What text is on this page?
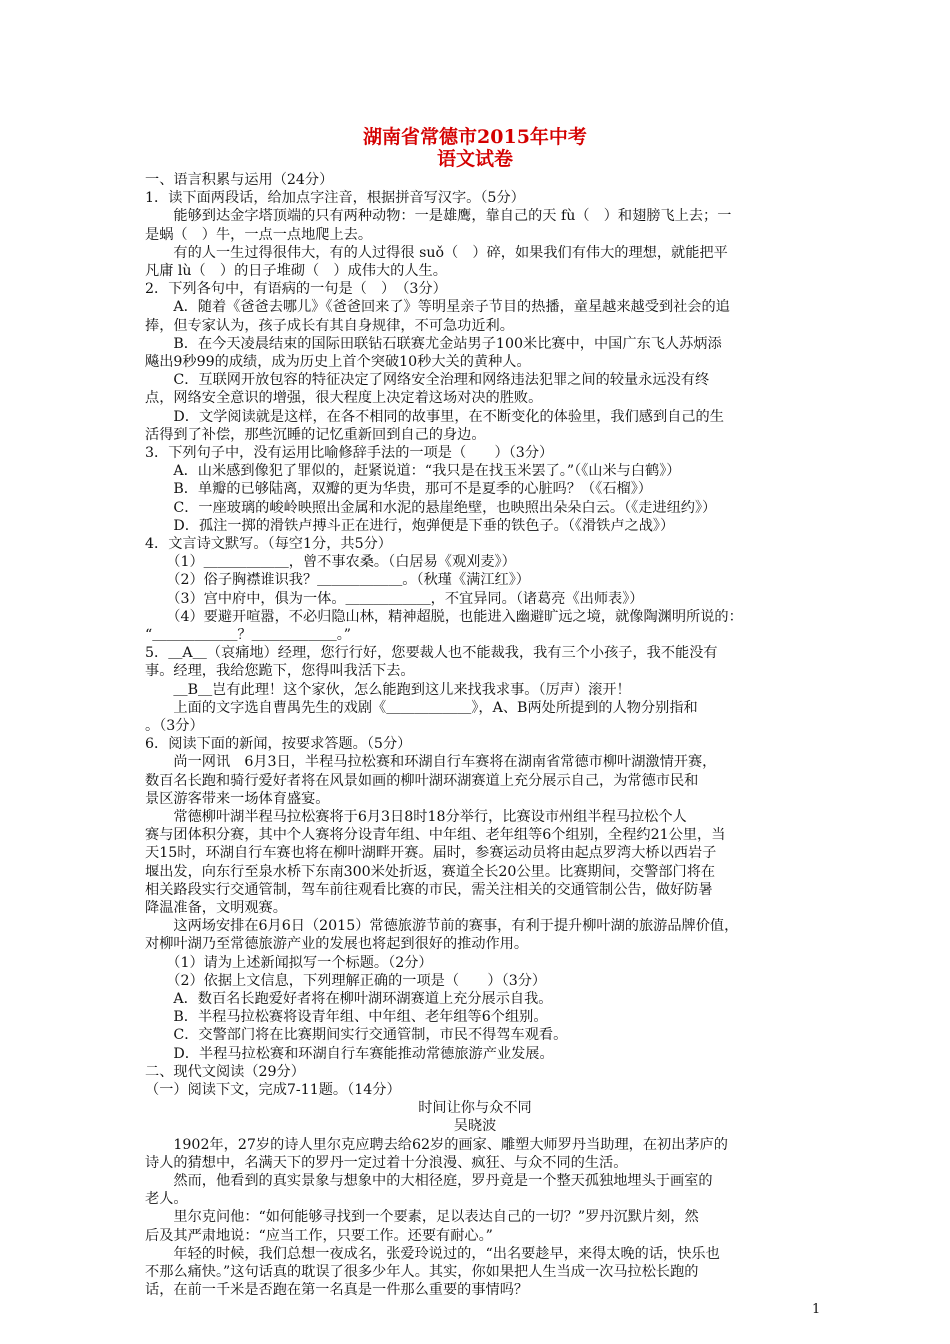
湖南省常德市2015年中考
语文试卷
一、语言积累与运用（24分）
1．读下面两段话，给加点字注音，根据拼音写汉字。（5分）
　　能够到达金字塔顶端的只有两种动物：一是雄鹰，靠自己的天 fù（　）和翅膀飞上去；一
是蜗（　）牛，一点一点地爬上去。
　　有的人一生过得很伟大，有的人过得很 suǒ（　）碎，如果我们有伟大的理想，就能把平
凡庸 lù（　）的日子堆砌（　）成伟大的人生。
2．下列各句中，有语病的一句是（　）　（3分）
　　A．随着《爸爸去哪儿》《爸爸回来了》等明星亲子节目的热播，童星越来越受到社会的追
捧，但专家认为，孩子成长有其自身规律，不可急功近利。
　　B．在今天凌晨结束的国际田联钻石联赛尤金站男子100米比赛中，中国广东飞人苏炳添
飚出9秒99的成绩，成为历史上首个突破10秒大关的黄种人。
　　C．互联网开放包容的特征决定了网络安全治理和网络违法犯罪之间的较量永远没有终
点，网络安全意识的增强，很大程度上决定着这场对决的胜败。
　　D．文学阅读就是这样，在各不相同的故事里，在不断变化的体验里，我们感到自己的生
活得到了补偿，那些沉睡的记忆重新回到自己的身边。
3．下列句子中，没有运用比喻修辞手法的一项是（　　）（3分）
　　A．山米感到像犯了罪似的，赶紧说道：“我只是在找玉米罢了。”（《山米与白鹤》）
　　B．单瓣的已够陆离，双瓣的更为华贵，那可不是夏季的心脏吗？（《石榴》）
　　C．一座玻璃的峻岭映照出金属和水泥的悬崖绝壁，也映照出朵朵白云。（《走进纽约》）
　　D．孤注一掷的滑铁卢搏斗正在进行，炮弹便是下垂的铁色子。（《滑铁卢之战》）
4．文言诗文默写。（每空1分，共5分）
　　（1）＿＿＿＿＿＿，曾不事农桑。（白居易《观刈麦》）
　　（2）俗子胸襟谁识我？＿＿＿＿＿＿。（秋瑾《满江红》）
　　（3）宫中府中，俱为一体。＿＿＿＿＿＿，不宜异同。（诸葛亮《出师表》）
　　（4）要避开喧嚣，不必归隐山林，精神超脱，也能进入幽避旷远之境，就像陶渊明所说的：
“＿＿＿＿＿＿？＿＿＿＿＿＿。”
5．＿A＿（哀痛地）经理，您行行好，您要裁人也不能裁我，我有三个小孩子，我不能没有
事。经理，我给您跪下，您得叫我活下去。
　　＿B＿岂有此理！这个家伙，怎么能跑到这儿来找我求事。（厉声）滚开！
　　上面的文字选自曹禺先生的戏剧《＿＿＿＿＿＿》，A、B两处所提到的人物分别指和
。（3分）
6．阅读下面的新闻，按要求答题。（5分）
　　尚一网讯　6月3日，半程马拉松赛和环湖自行车赛将在湖南省常德市柳叶湖激情开赛，
数百名长跑和骑行爱好者将在风景如画的柳叶湖环湖赛道上充分展示自己，为常德市民和
景区游客带来一场体育盛宴。
　　常德柳叶湖半程马拉松赛将于6月3日8时18分举行，比赛设市州组半程马拉松个人
赛与团体积分赛，其中个人赛将分设青年组、中年组、老年组等6个组别，全程约21公里，当
天15时，环湖自行车赛也将在柳叶湖畔开赛。届时，参赛运动员将由起点罗湾大桥以西岩子
堰出发，向东行至泉水桥下东南300米处折返，赛道全长20公里。比赛期间，交警部门将在
相关路段实行交通管制，驾车前往观看比赛的市民，需关注相关的交通管制公告，做好防暑
降温准备，文明观赛。
　　这两场安排在6月6日（2015）常德旅游节前的赛事，有利于提升柳叶湖的旅游品牌价值，
对柳叶湖乃至常德旅游产业的发展也将起到很好的推动作用。
　　（1）请为上述新闻拟写一个标题。（2分）
　　（2）依据上文信息，下列理解正确的一项是（　　）（3分）
　　A．数百名长跑爱好者将在柳叶湖环湖赛道上充分展示自我。
　　B．半程马拉松赛将设青年组、中年组、老年组等6个组别。
　　C．交警部门将在比赛期间实行交通管制，市民不得驾车观看。
　　D．半程马拉松赛和环湖自行车赛能推动常德旅游产业发展。
二、现代文阅读（29分）
（一）阅读下文，完成7-11题。（14分）
时间让你与众不同
吴晓波
　　1902年，27岁的诗人里尔克应聘去给62岁的画家、雕塑大师罗丹当助理，在初出茅庐的
诗人的猜想中，名满天下的罗丹一定过着十分浪漫、疯狂、与众不同的生活。
　　然而，他看到的真实景象与想象中的大相径庭，罗丹竟是一个整天孤独地埋头于画室的
老人。
　　里尔克问他：“如何能够寻找到一个要素，足以表达自己的一切？”罗丹沉默片刻，然
后及其严肃地说：“应当工作，只要工作。还要有耐心。”
　　年轻的时候，我们总想一夜成名，张爱玲说过的，“出名要趁早，来得太晚的话，快乐也
不那么痛快。”这句话真的耽误了很多少年人。其实，你如果把人生当成一次马拉松长跑的
话，在前一千米是否跑在第一名真是一件那么重要的事情吗？
1
